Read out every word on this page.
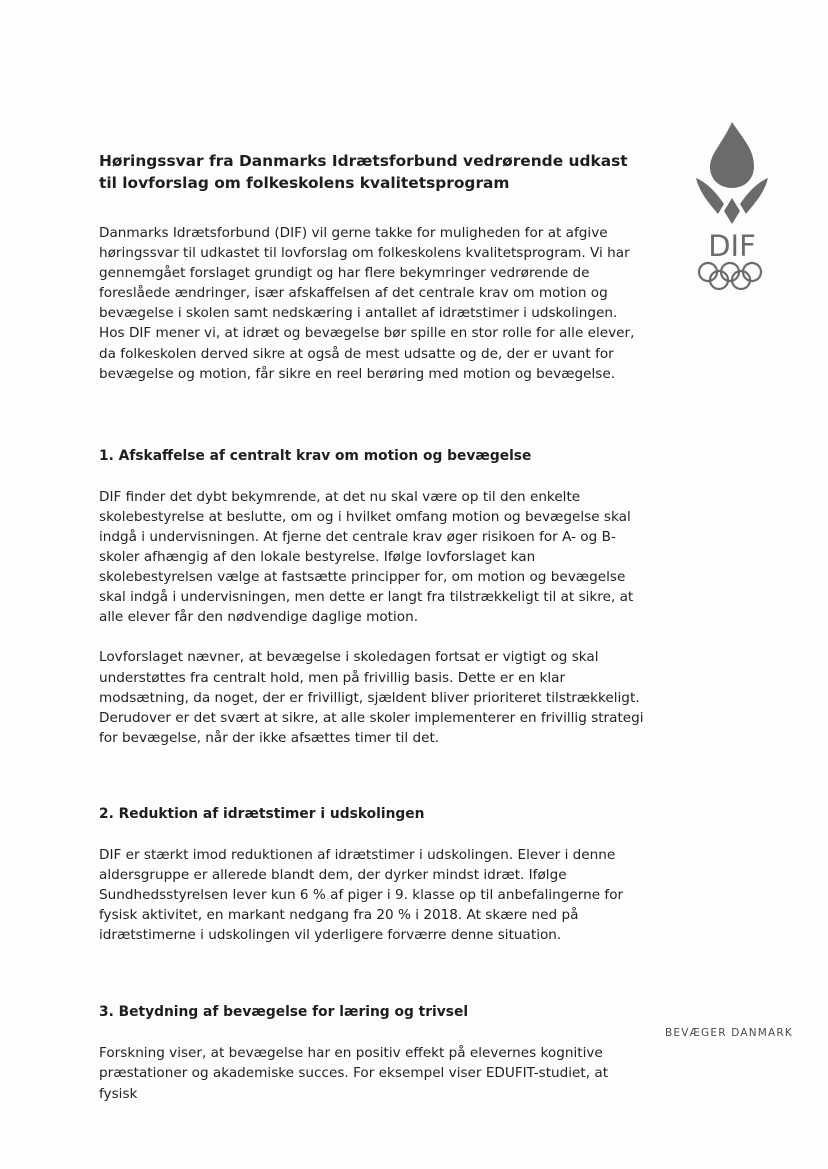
DIF
Høringssvar fra Danmarks Idrætsforbund vedrørende udkast til lovforslag om folkeskolens kvalitetsprogram

Danmarks Idrætsforbund (DIF) vil gerne takke for muligheden for at afgive høringssvar til udkastet til lovforslag om folkeskolens kvalitetsprogram. Vi har gennemgået forslaget grundigt og har flere bekymringer vedrørende de foreslåede ændringer, især afskaffelsen af det centrale krav om motion og bevægelse i skolen samt nedskæring i antallet af idrætstimer i udskolingen. Hos DIF mener vi, at idræt og bevægelse bør spille en stor rolle for alle elever, da folkeskolen derved sikre at også de mest udsatte og de, der er uvant for bevægelse og motion, får sikre en reel berøring med motion og bevægelse.

1. Afskaffelse af centralt krav om motion og bevægelse

DIF finder det dybt bekymrende, at det nu skal være op til den enkelte skolebestyrelse at beslutte, om og i hvilket omfang motion og bevægelse skal indgå i undervisningen. At fjerne det centrale krav øger risikoen for A- og B-skoler afhængig af den lokale bestyrelse. Ifølge lovforslaget kan skolebestyrelsen vælge at fastsætte principper for, om motion og bevægelse skal indgå i undervisningen, men dette er langt fra tilstrækkeligt til at sikre, at alle elever får den nødvendige daglige motion.

Lovforslaget nævner, at bevægelse i skoledagen fortsat er vigtigt og skal understøttes fra centralt hold, men på frivillig basis. Dette er en klar modsætning, da noget, der er frivilligt, sjældent bliver prioriteret tilstrækkeligt. Derudover er det svært at sikre, at alle skoler implementerer en frivillig strategi for bevægelse, når der ikke afsættes timer til det.

2. Reduktion af idrætstimer i udskolingen

DIF er stærkt imod reduktionen af idrætstimer i udskolingen. Elever i denne aldersgruppe er allerede blandt dem, der dyrker mindst idræt. Ifølge Sundhedsstyrelsen lever kun 6 % af piger i 9. klasse op til anbefalingerne for fysisk aktivitet, en markant nedgang fra 20 % i 2018. At skære ned på idrætstimerne i udskolingen vil yderligere forværre denne situation.

3. Betydning af bevægelse for læring og trivsel

Forskning viser, at bevægelse har en positiv effekt på elevernes kognitive præstationer og akademiske succes. For eksempel viser EDUFIT-studiet, at fysisk

BEVÆGER DANMARK
